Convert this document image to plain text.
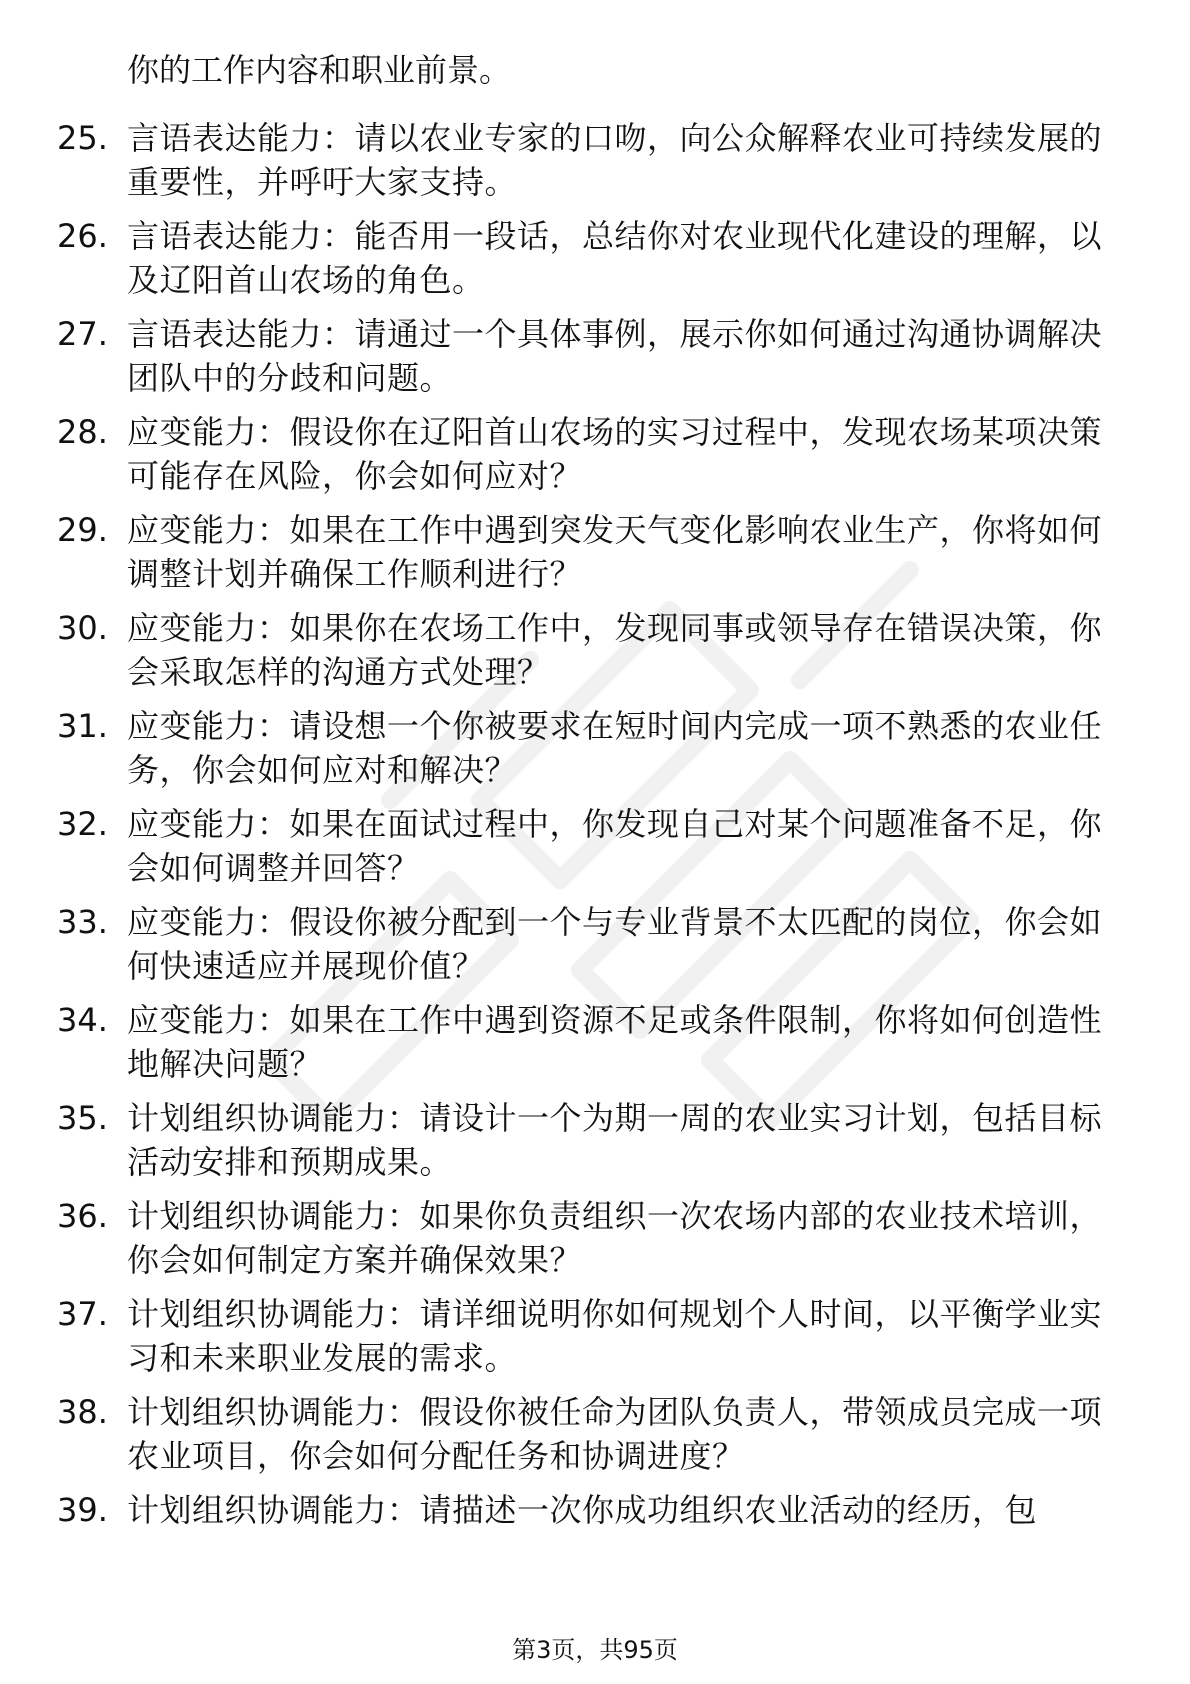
你的工作内容和职业前景。
25. 言语表达能力：请以农业专家的口吻，向公众解释农业可持续发展的重要性，并呼吁大家支持。
26. 言语表达能力：能否用一段话，总结你对农业现代化建设的理解，以及辽阳首山农场的角色。
27. 言语表达能力：请通过一个具体事例，展示你如何通过沟通协调解决团队中的分歧和问题。
28. 应变能力：假设你在辽阳首山农场的实习过程中，发现农场某项决策可能存在风险，你会如何应对？
29. 应变能力：如果在工作中遇到突发天气变化影响农业生产，你将如何调整计划并确保工作顺利进行？
30. 应变能力：如果你在农场工作中，发现同事或领导存在错误决策，你会采取怎样的沟通方式处理？
31. 应变能力：请设想一个你被要求在短时间内完成一项不熟悉的农业任务，你会如何应对和解决？
32. 应变能力：如果在面试过程中，你发现自己对某个问题准备不足，你会如何调整并回答？
33. 应变能力：假设你被分配到一个与专业背景不太匹配的岗位，你会如何快速适应并展现价值？
34. 应变能力：如果在工作中遇到资源不足或条件限制，你将如何创造性地解决问题？
35. 计划组织协调能力：请设计一个为期一周的农业实习计划，包括目标活动安排和预期成果。
36. 计划组织协调能力：如果你负责组织一次农场内部的农业技术培训，你会如何制定方案并确保效果？
37. 计划组织协调能力：请详细说明你如何规划个人时间，以平衡学业实习和未来职业发展的需求。
38. 计划组织协调能力：假设你被任命为团队负责人，带领成员完成一项农业项目，你会如何分配任务和协调进度？
39. 计划组织协调能力：请描述一次你成功组织农业活动的经历，包
第3页，共95页
